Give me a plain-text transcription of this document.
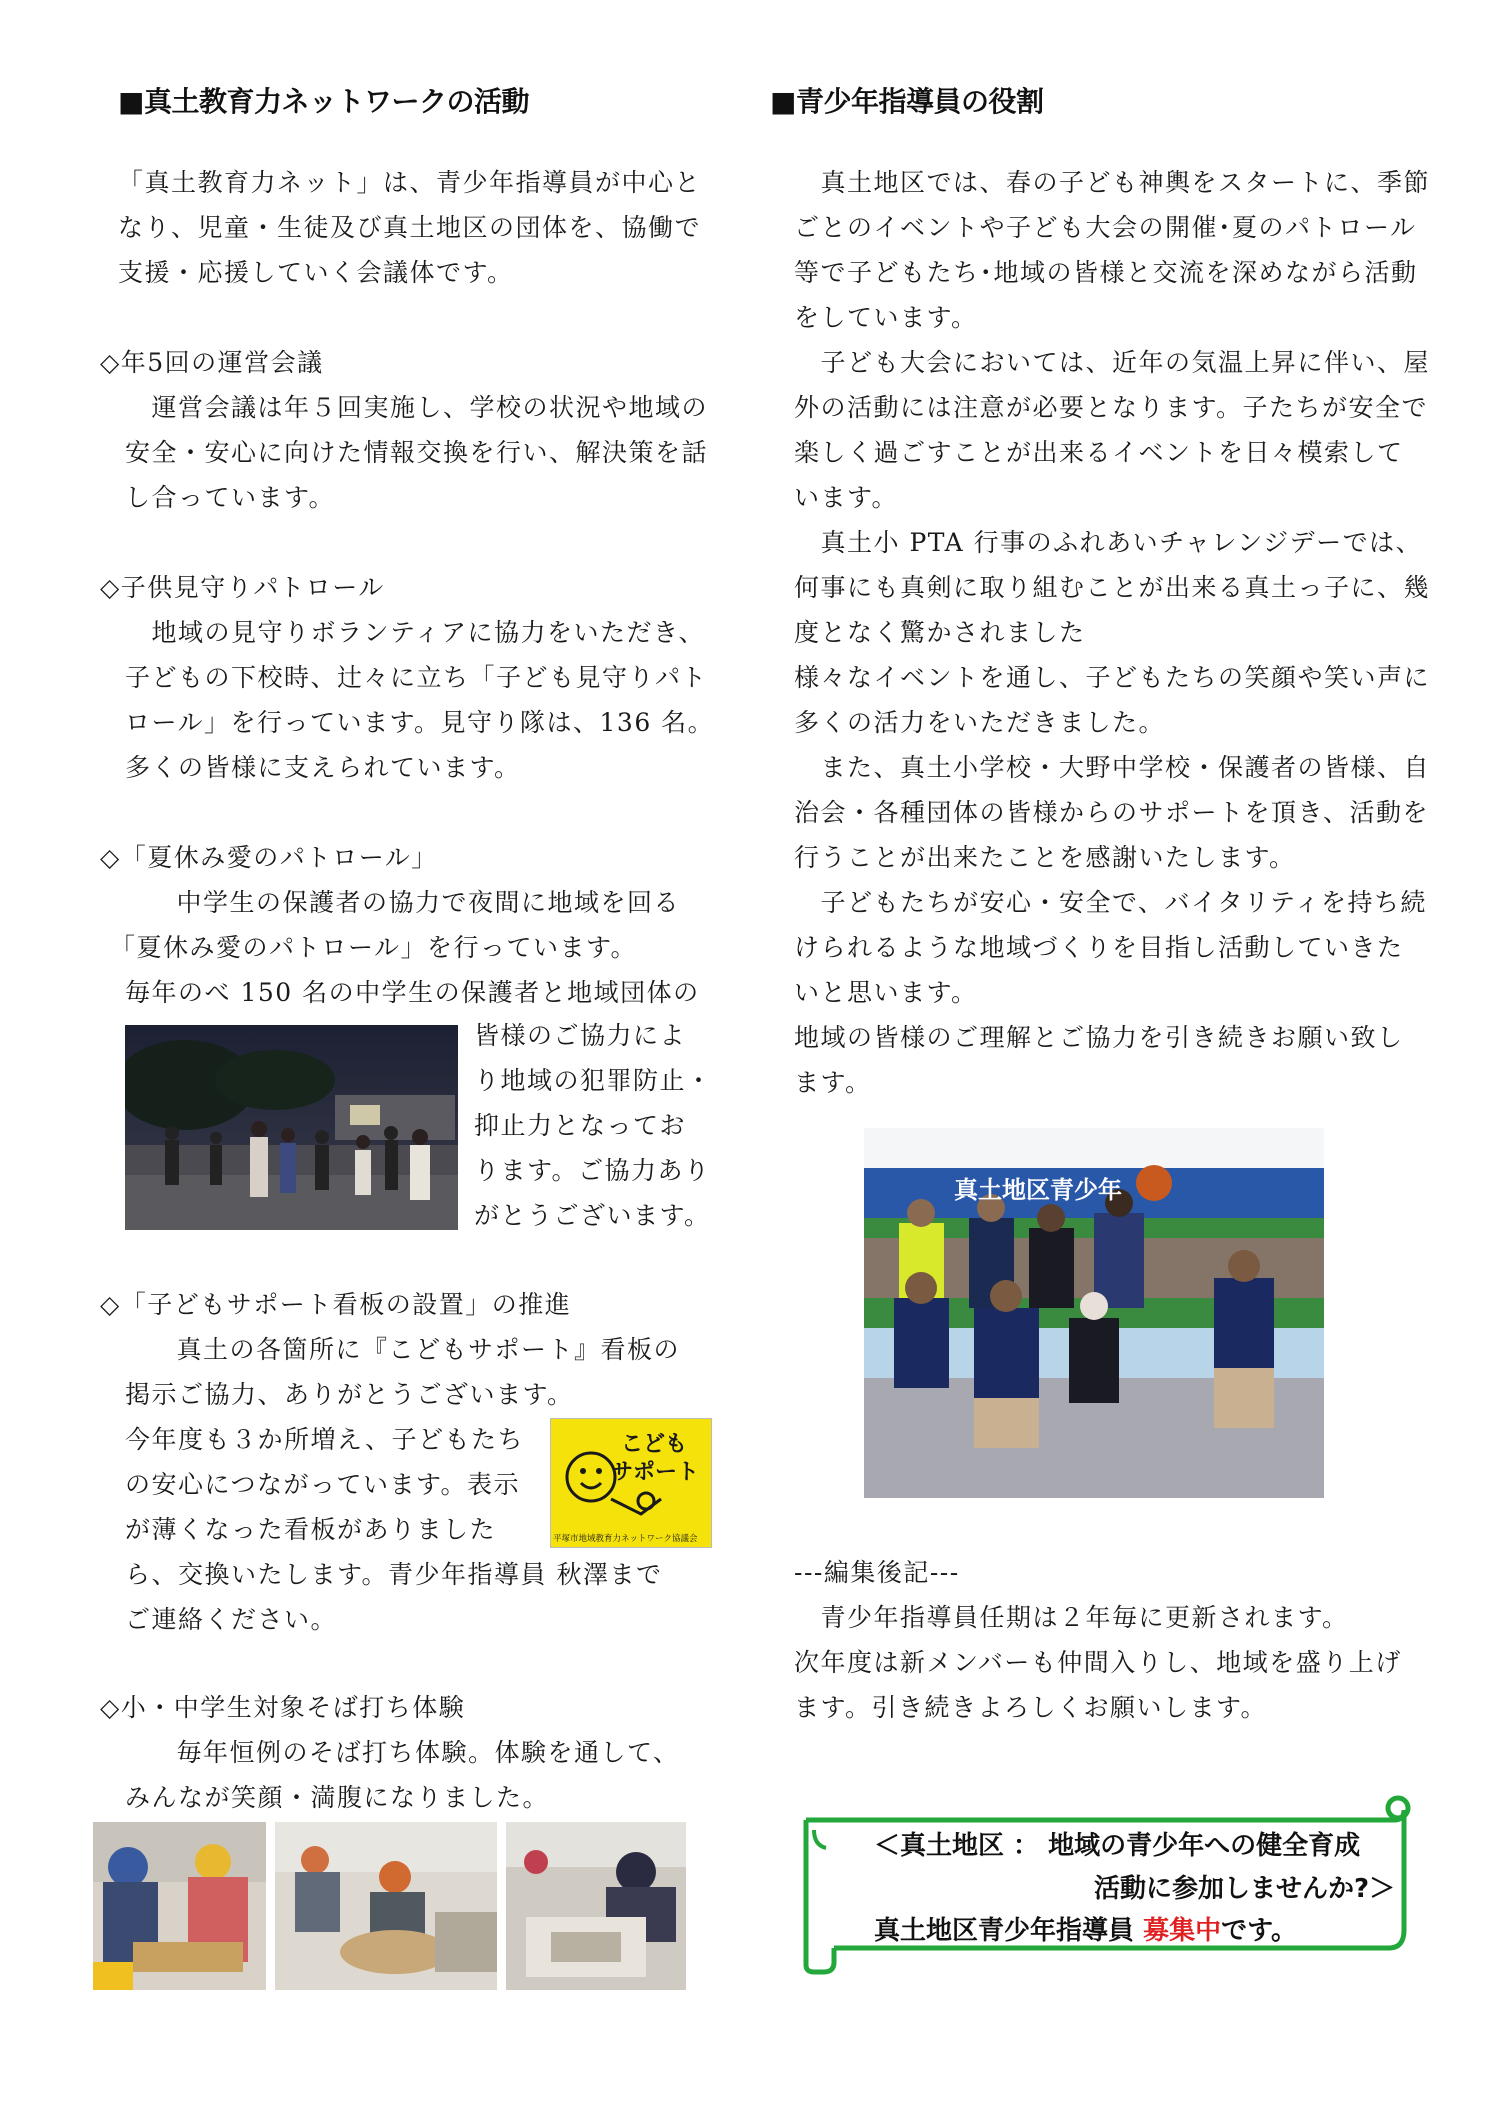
■真土教育力ネットワークの活動
「真土教育力ネット」は、青少年指導員が中心と
なり、児童・生徒及び真土地区の団体を、協働で
支援・応援していく会議体です。
◇年5回の運営会議
　運営会議は年５回実施し、学校の状況や地域の
安全・安心に向けた情報交換を行い、解決策を話
し合っています。
◇子供見守りパトロール
　地域の見守りボランティアに協力をいただき、
子どもの下校時、辻々に立ち「子ども見守りパト
ロール」を行っています。見守り隊は、136 名。
多くの皆様に支えられています。
◇「夏休み愛のパトロール」
　中学生の保護者の協力で夜間に地域を回る
「夏休み愛のパトロール」を行っています。
毎年のべ 150 名の中学生の保護者と地域団体の
皆様のご協力によ
り地域の犯罪防止・
抑止力となってお
ります。ご協力あり
がとうございます。
◇「子どもサポート看板の設置」の推進
　真土の各箇所に『こどもサポート』看板の
掲示ご協力、ありがとうございます。
今年度も３か所増え、子どもたち
の安心につながっています。表示
が薄くなった看板がありました
ら、交換いたします。青少年指導員 秋澤まで
ご連絡ください。
こども
サポート
平塚市地域教育力ネットワーク協議会
◇小・中学生対象そば打ち体験
　毎年恒例のそば打ち体験。体験を通して、
みんなが笑顔・満腹になりました。
■青少年指導員の役割
　真土地区では、春の子ども神輿をスタートに、季節
ごとのイベントや子ども大会の開催･夏のパトロール
等で子どもたち･地域の皆様と交流を深めながら活動
をしています。
　子ども大会においては、近年の気温上昇に伴い、屋
外の活動には注意が必要となります。子たちが安全で
楽しく過ごすことが出来るイベントを日々模索して
います。
　真土小 PTA 行事のふれあいチャレンジデーでは、
何事にも真剣に取り組むことが出来る真土っ子に、幾
度となく驚かされました
様々なイベントを通し、子どもたちの笑顔や笑い声に
多くの活力をいただきました。
　また、真土小学校・大野中学校・保護者の皆様、自
治会・各種団体の皆様からのサポートを頂き、活動を
行うことが出来たことを感謝いたします。
　子どもたちが安心・安全で、バイタリティを持ち続
けられるような地域づくりを目指し活動していきた
いと思います。
地域の皆様のご理解とご協力を引き続きお願い致し
ます。
真土地区青少年
---編集後記---
　青少年指導員任期は２年毎に更新されます。
次年度は新メンバーも仲間入りし、地域を盛り上げ
ます。引き続きよろしくお願いします。
＜真土地区 ： 地域の青少年への健全育成
活動に参加しませんか?＞
真土地区青少年指導員 募集中です。
